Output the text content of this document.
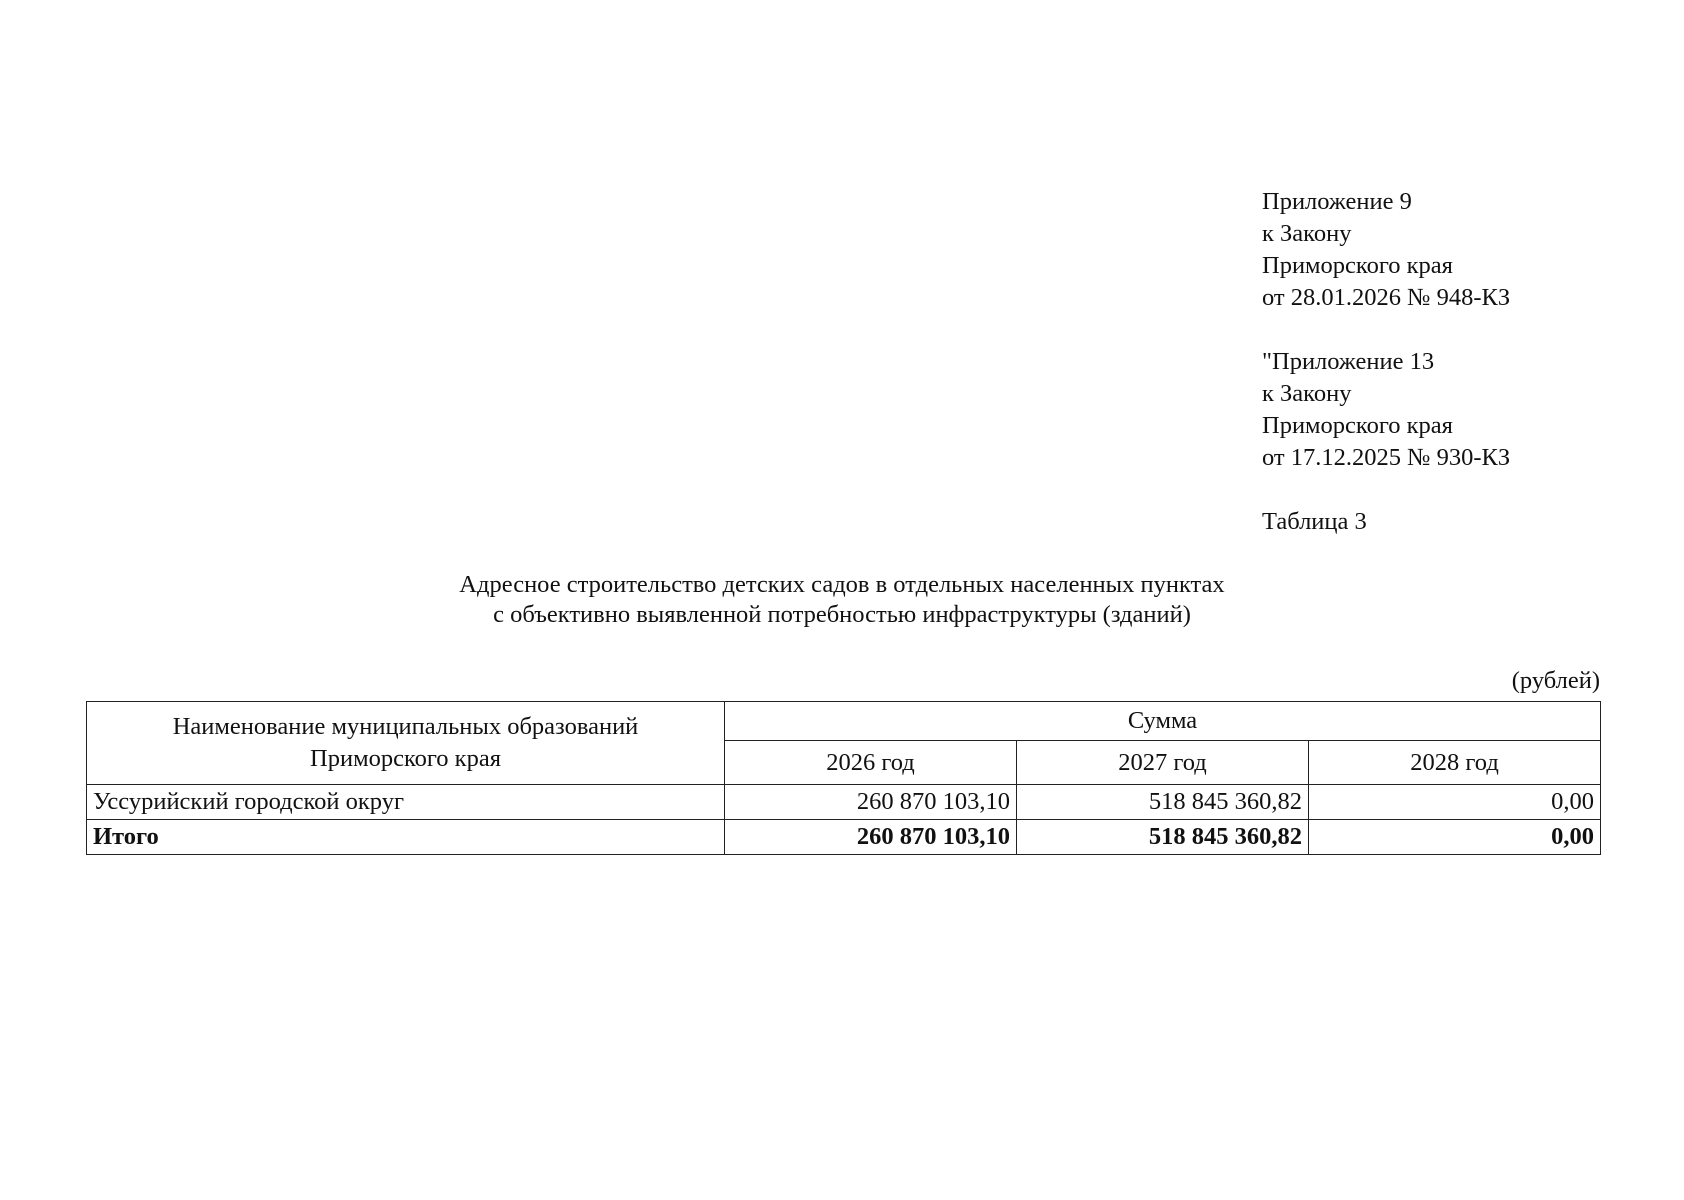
Приложение 9
к Закону
Приморского края
от 28.01.2026 № 948-КЗ
"Приложение 13
к Закону
Приморского края
от 17.12.2025 № 930-КЗ
Таблица 3
Адресное строительство детских садов в отдельных населенных пунктах
с объективно выявленной потребностью инфраструктуры (зданий)
(рублей)
Наименование муниципальных образований
Приморского края	Сумма		
	2026 год	2027 год	2028 год
Уссурийский городской округ	260 870 103,10	518 845 360,82	0,00
Итого	260 870 103,10	518 845 360,82	0,00
